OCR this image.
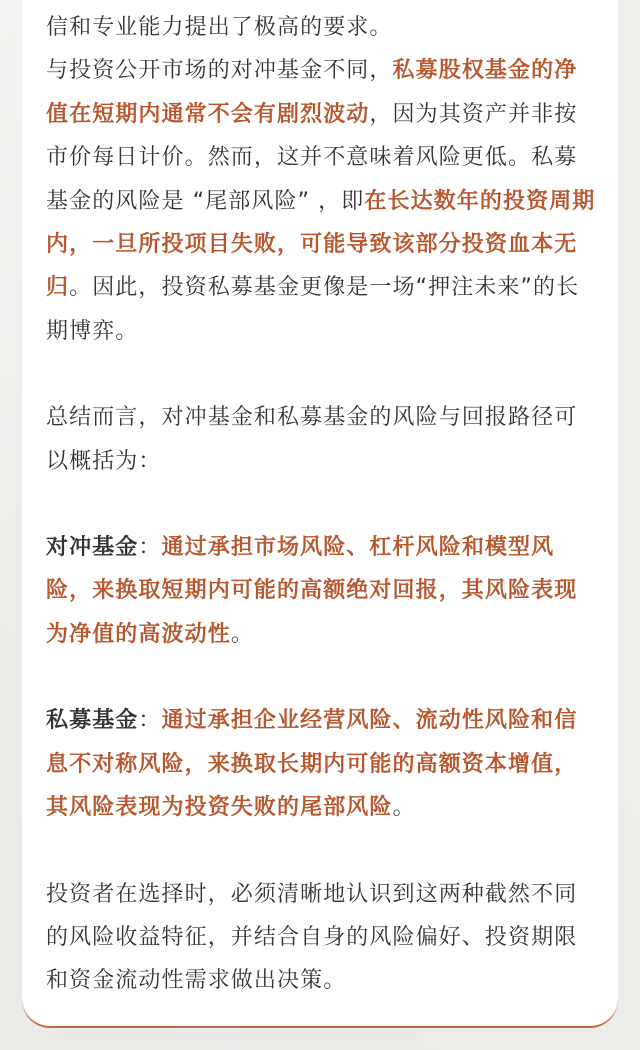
信和专业能力提出了极高的要求。

与投资公开市场的对冲基金不同，私募股权基金的净值在短期内通常不会有剧烈波动，因为其资产并非按市价每日计价。然而，这并不意味着风险更低。私募基金的风险是 “尾部风险” ，即在长达数年的投资周期内，一旦所投项目失败，可能导致该部分投资血本无归。因此，投资私募基金更像是一场“押注未来”的长期博弈。

总结而言，对冲基金和私募基金的风险与回报路径可以概括为：

对冲基金：通过承担市场风险、杠杆风险和模型风险，来换取短期内可能的高额绝对回报，其风险表现为净值的高波动性。

私募基金：通过承担企业经营风险、流动性风险和信息不对称风险，来换取长期内可能的高额资本增值，其风险表现为投资失败的尾部风险。

投资者在选择时，必须清晰地认识到这两种截然不同的风险收益特征，并结合自身的风险偏好、投资期限和资金流动性需求做出决策。
